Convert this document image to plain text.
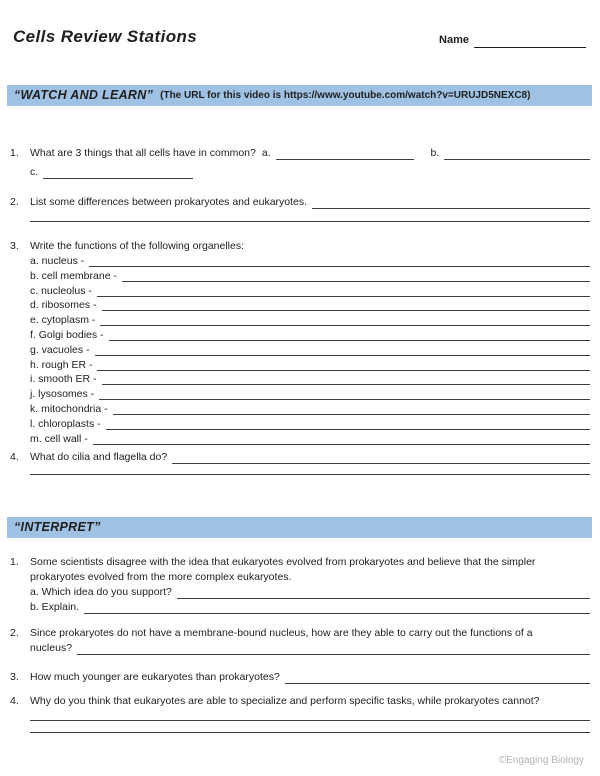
Cells Review Stations	Name
“WATCH AND LEARN” (The URL for this video is https://www.youtube.com/watch?v=URUJD5NEXC8)
1.	What are 3 things that all cells have in common? a.	b.
c.
2.	List some differences between prokaryotes and eukaryotes.
3.	Write the functions of the following organelles:
a. nucleus -
b. cell membrane -
c. nucleolus -
d. ribosomes -
e. cytoplasm -
f. Golgi bodies -
g. vacuoles -
h. rough ER -
i. smooth ER -
j. lysosomes -
k. mitochondria -
l. chloroplasts -
m. cell wall -
4.	What do cilia and flagella do?
“INTERPRET”
1.	Some scientists disagree with the idea that eukaryotes evolved from prokaryotes and believe that the simpler
prokaryotes evolved from the more complex eukaryotes.
a. Which idea do you support?
b. Explain.
2.	Since prokaryotes do not have a membrane-bound nucleus, how are they able to carry out the functions of a
nucleus?
3.	How much younger are eukaryotes than prokaryotes?
4.	Why do you think that eukaryotes are able to specialize and perform specific tasks, while prokaryotes cannot?
©Engaging Biology
